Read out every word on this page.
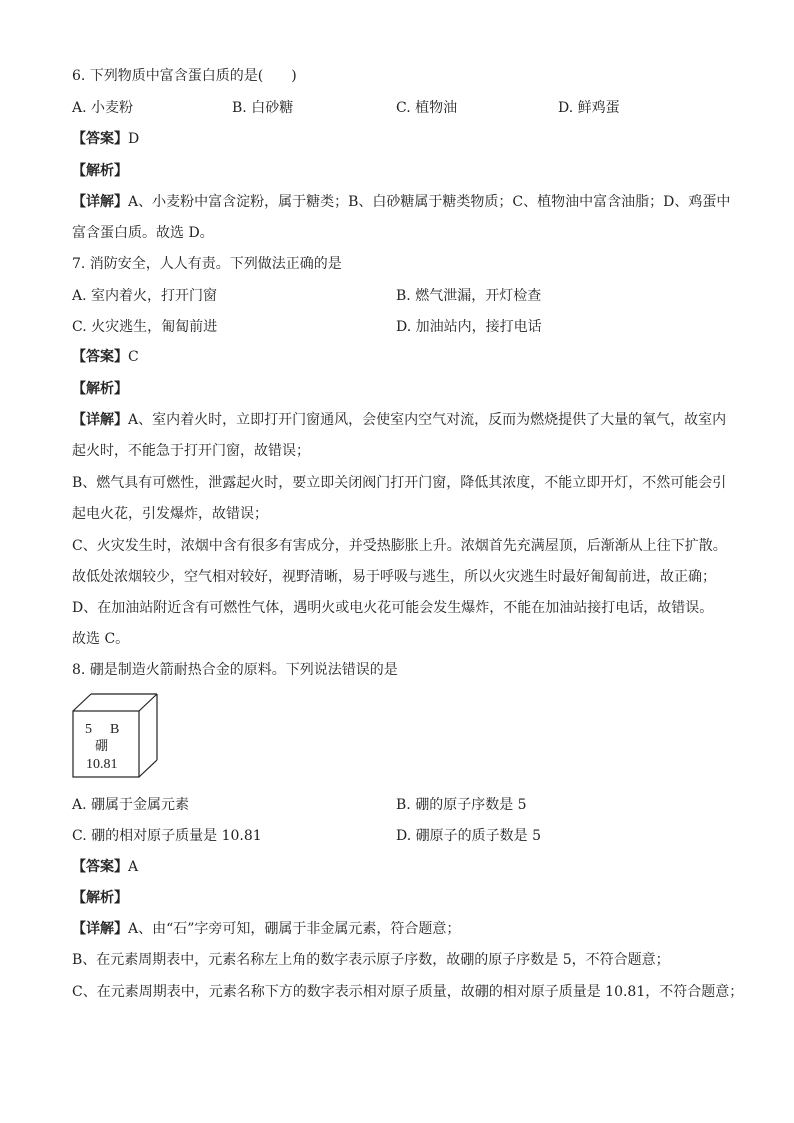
6. 下列物质中富含蛋白质的是(　　)
A. 小麦粉	B. 白砂糖	C. 植物油	D. 鲜鸡蛋
【答案】D
【解析】
【详解】A、小麦粉中富含淀粉，属于糖类；B、白砂糖属于糖类物质；C、植物油中富含油脂；D、鸡蛋中
富含蛋白质。故选 D。
7. 消防安全，人人有责。下列做法正确的是
A. 室内着火，打开门窗	B. 燃气泄漏，开灯检查
C. 火灾逃生，匍匐前进	D. 加油站内，接打电话
【答案】C
【解析】
【详解】A、室内着火时，立即打开门窗通风，会使室内空气对流，反而为燃烧提供了大量的氧气，故室内
起火时，不能急于打开门窗，故错误；
B、燃气具有可燃性，泄露起火时，要立即关闭阀门打开门窗，降低其浓度，不能立即开灯，不然可能会引
起电火花，引发爆炸，故错误；
C、火灾发生时，浓烟中含有很多有害成分，并受热膨胀上升。浓烟首先充满屋顶，后渐渐从上往下扩散。
故低处浓烟较少，空气相对较好，视野清晰，易于呼吸与逃生，所以火灾逃生时最好匍匐前进，故正确；
D、在加油站附近含有可燃性气体，遇明火或电火花可能会发生爆炸，不能在加油站接打电话，故错误。
故选 C。
8. 硼是制造火箭耐热合金的原料。下列说法错误的是
5 B
硼
10.81
A. 硼属于金属元素	B. 硼的原子序数是 5
C. 硼的相对原子质量是 10.81	D. 硼原子的质子数是 5
【答案】A
【解析】
【详解】A、由“石”字旁可知，硼属于非金属元素，符合题意；
B、在元素周期表中，元素名称左上角的数字表示原子序数，故硼的原子序数是 5，不符合题意；
C、在元素周期表中，元素名称下方的数字表示相对原子质量，故硼的相对原子质量是 10.81，不符合题意；
